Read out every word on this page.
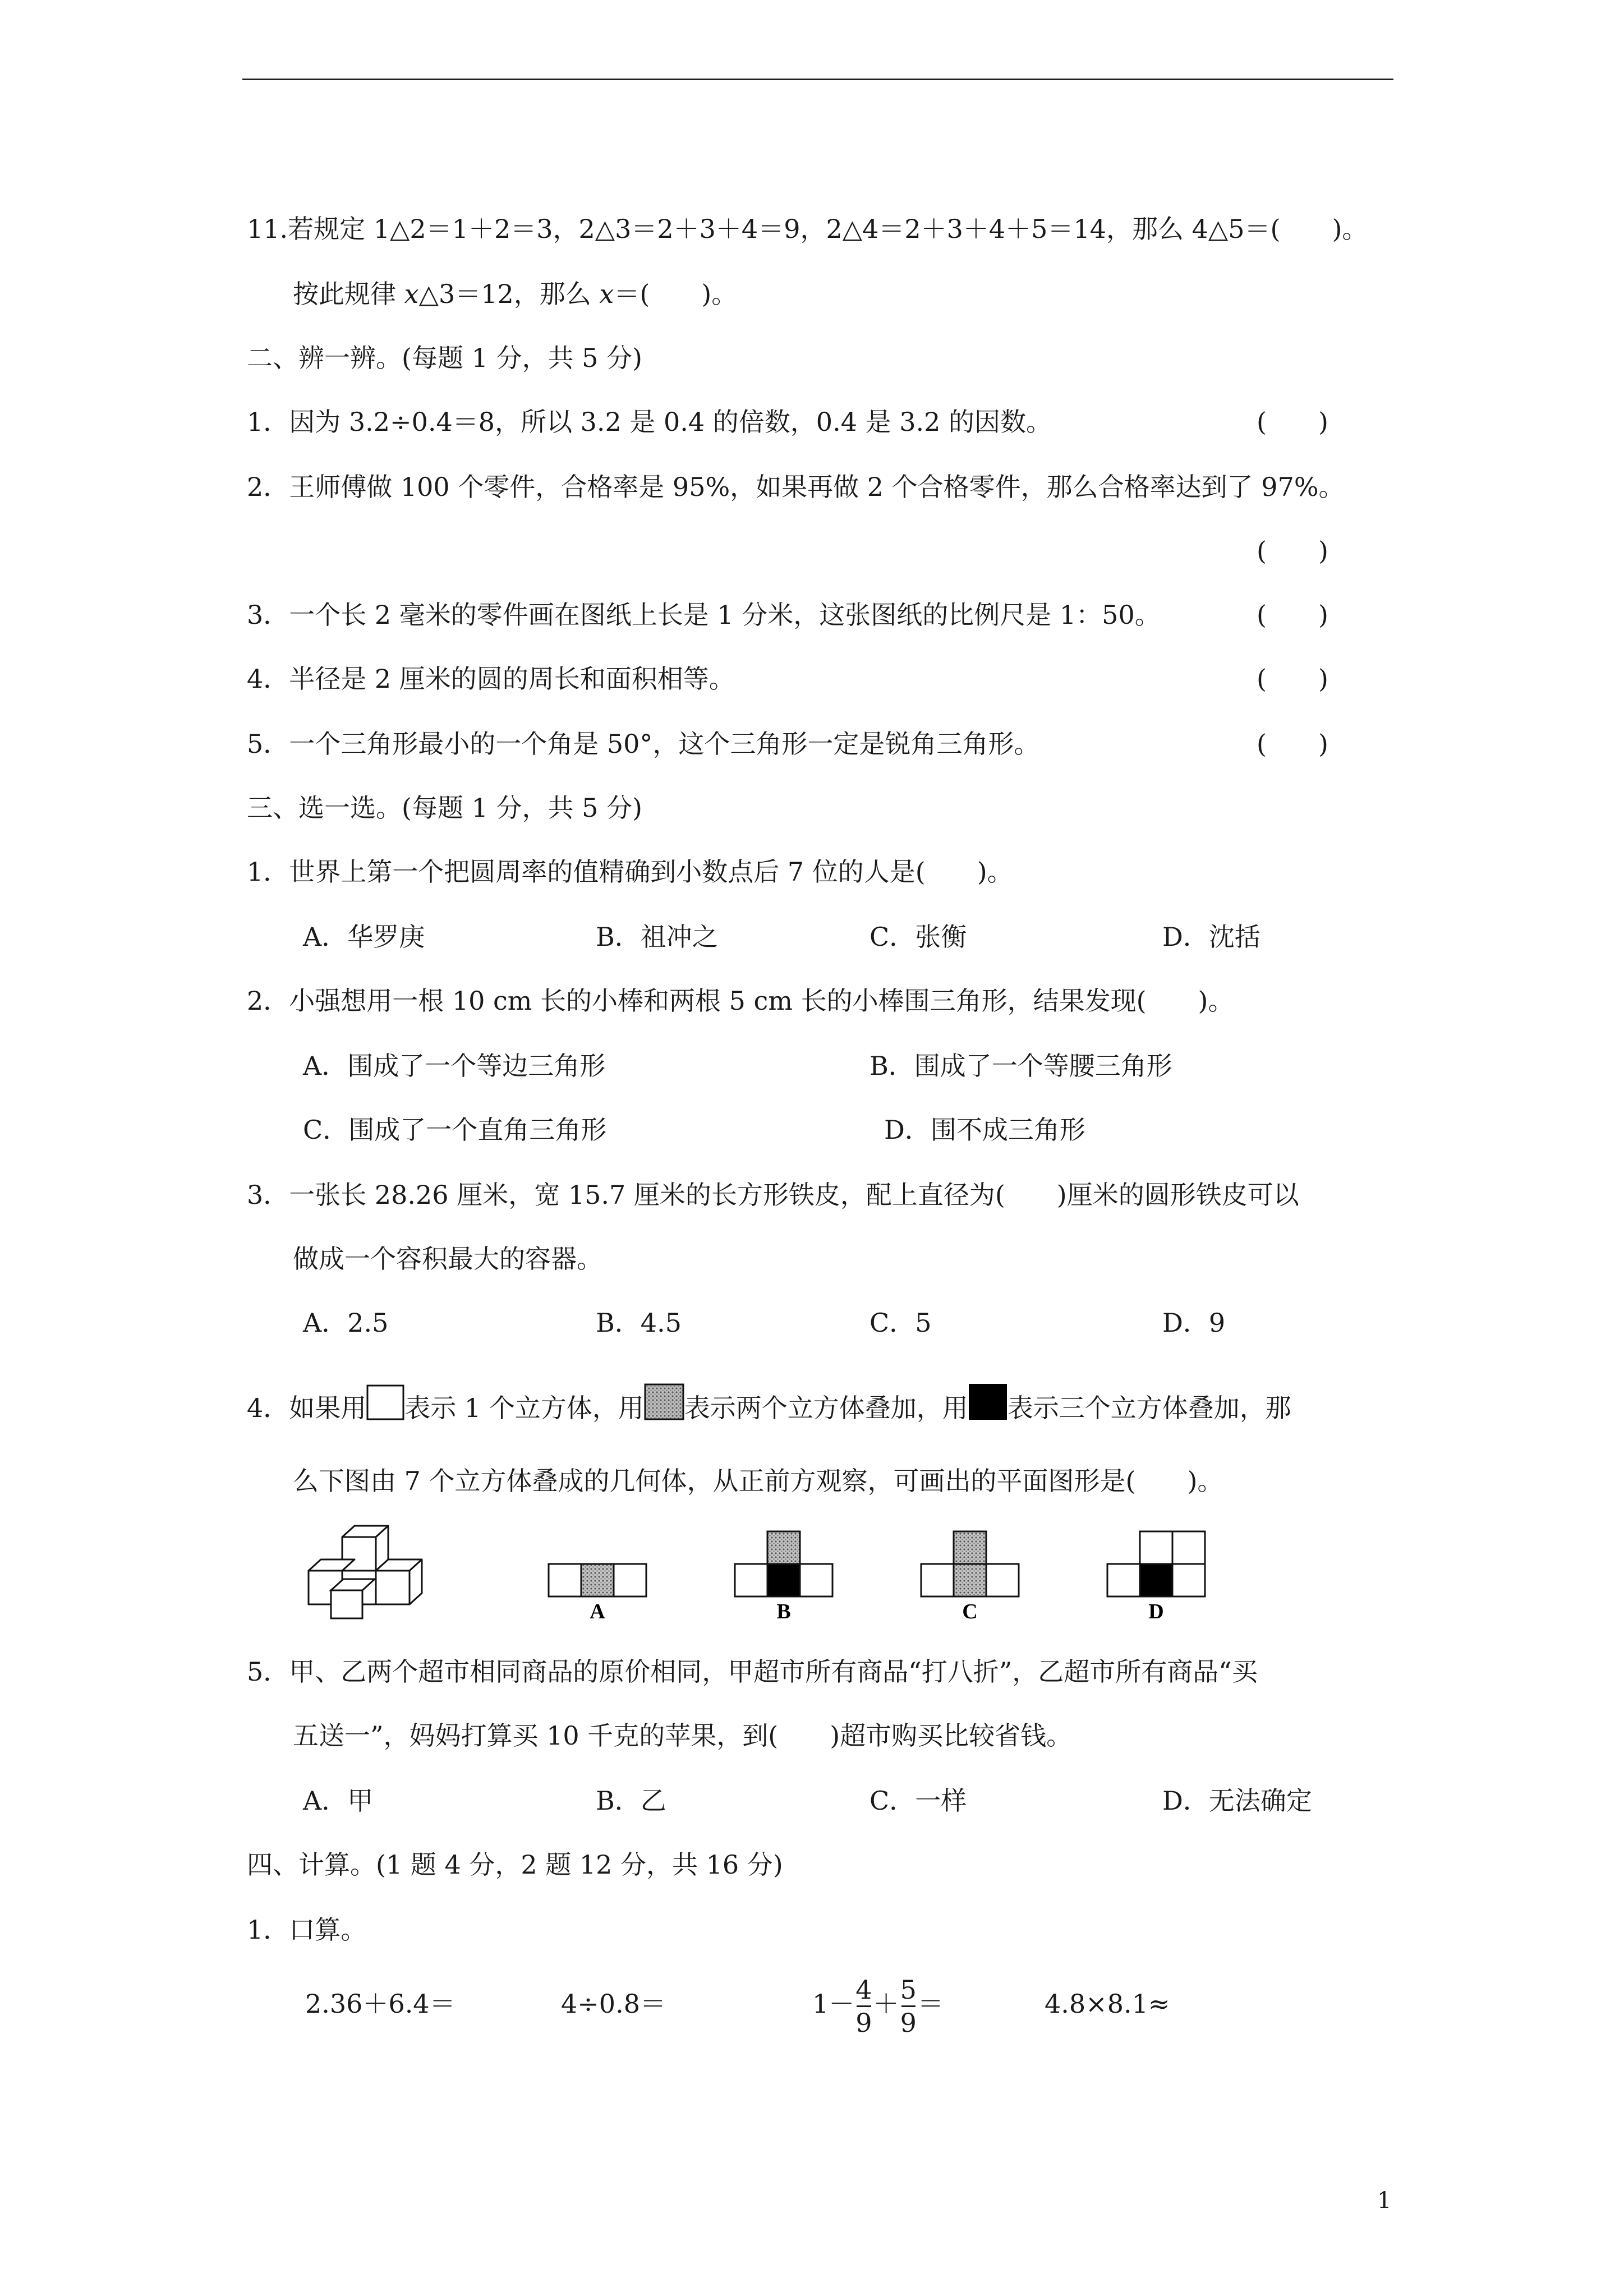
11.若规定 1△2＝1＋2＝3，2△3＝2＋3＋4＝9，2△4＝2＋3＋4＋5＝14，那么 4△5＝(　　)。
按此规律 x△3＝12，那么 x＝(　　)。
二、辨一辨。(每题 1 分，共 5 分)
1．因为 3.2÷0.4＝8，所以 3.2 是 0.4 的倍数，0.4 是 3.2 的因数。	(　　)
2．王师傅做 100 个零件，合格率是 95%，如果再做 2 个合格零件，那么合格率达到了 97%。
(　　)
3．一个长 2 毫米的零件画在图纸上长是 1 分米，这张图纸的比例尺是 1：50。	(　　)
4．半径是 2 厘米的圆的周长和面积相等。	(　　)
5．一个三角形最小的一个角是 50°，这个三角形一定是锐角三角形。	(　　)
三、选一选。(每题 1 分，共 5 分)
1．世界上第一个把圆周率的值精确到小数点后 7 位的人是(　　)。
A．华罗庚	B．祖冲之	C．张衡	D．沈括
2．小强想用一根 10 cm 长的小棒和两根 5 cm 长的小棒围三角形，结果发现(　　)。
A．围成了一个等边三角形	B．围成了一个等腰三角形
C．围成了一个直角三角形	D．围不成三角形
3．一张长 28.26 厘米，宽 15.7 厘米的长方形铁皮，配上直径为(　　)厘米的圆形铁皮可以
做成一个容积最大的容器。
A．2.5	B．4.5	C．5	D．9
4．如果用 表示 1 个立方体，用 表示两个立方体叠加，用 表示三个立方体叠加，那
么下图由 7 个立方体叠成的几何体，从正前方观察，可画出的平面图形是(　　)。
A	B	C	D
5．甲、乙两个超市相同商品的原价相同，甲超市所有商品“打八折”，乙超市所有商品“买
五送一”，妈妈打算买 10 千克的苹果，到(　　)超市购买比较省钱。
A．甲	B．乙	C．一样	D．无法确定
四、计算。(1 题 4 分，2 题 12 分，共 16 分)
1．口算。
2.36＋6.4＝	4÷0.8＝	$1- \frac{4}{9} + \frac{5}{9}$ ＝	4.8×8.1≈
1
